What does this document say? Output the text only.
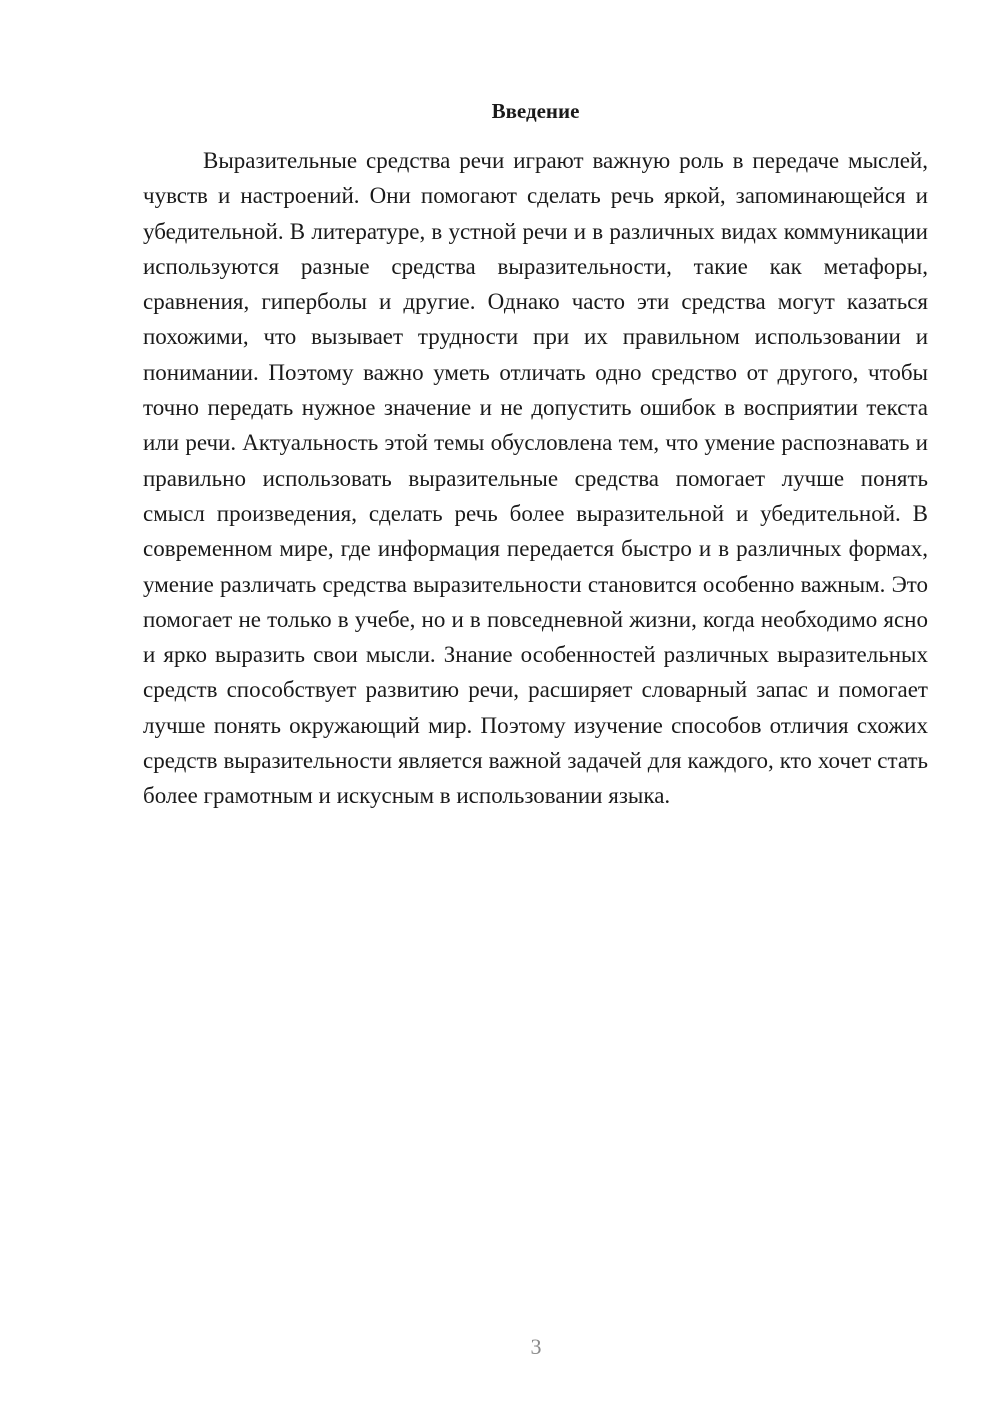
Введение

Выразительные средства речи играют важную роль в передаче мыслей, чувств и настроений. Они помогают сделать речь яркой, запоминающейся и убедительной. В литературе, в устной речи и в различных видах коммуникации используются разные средства выразительности, такие как метафоры, сравнения, гиперболы и другие. Однако часто эти средства могут казаться похожими, что вызывает трудности при их правильном использовании и понимании. Поэтому важно уметь отличать одно средство от другого, чтобы точно передать нужное значение и не допустить ошибок в восприятии текста или речи. Актуальность этой темы обусловлена тем, что умение распознавать и правильно использовать выразительные средства помогает лучше понять смысл произведения, сделать речь более выразительной и убедительной. В современном мире, где информация передается быстро и в различных формах, умение различать средства выразительности становится особенно важным. Это помогает не только в учебе, но и в повседневной жизни, когда необходимо ясно и ярко выразить свои мысли. Знание особенностей различных выразительных средств способствует развитию речи, расширяет словарный запас и помогает лучше понять окружающий мир. Поэтому изучение способов отличия схожих средств выразительности является важной задачей для каждого, кто хочет стать более грамотным и искусным в использовании языка.

3
